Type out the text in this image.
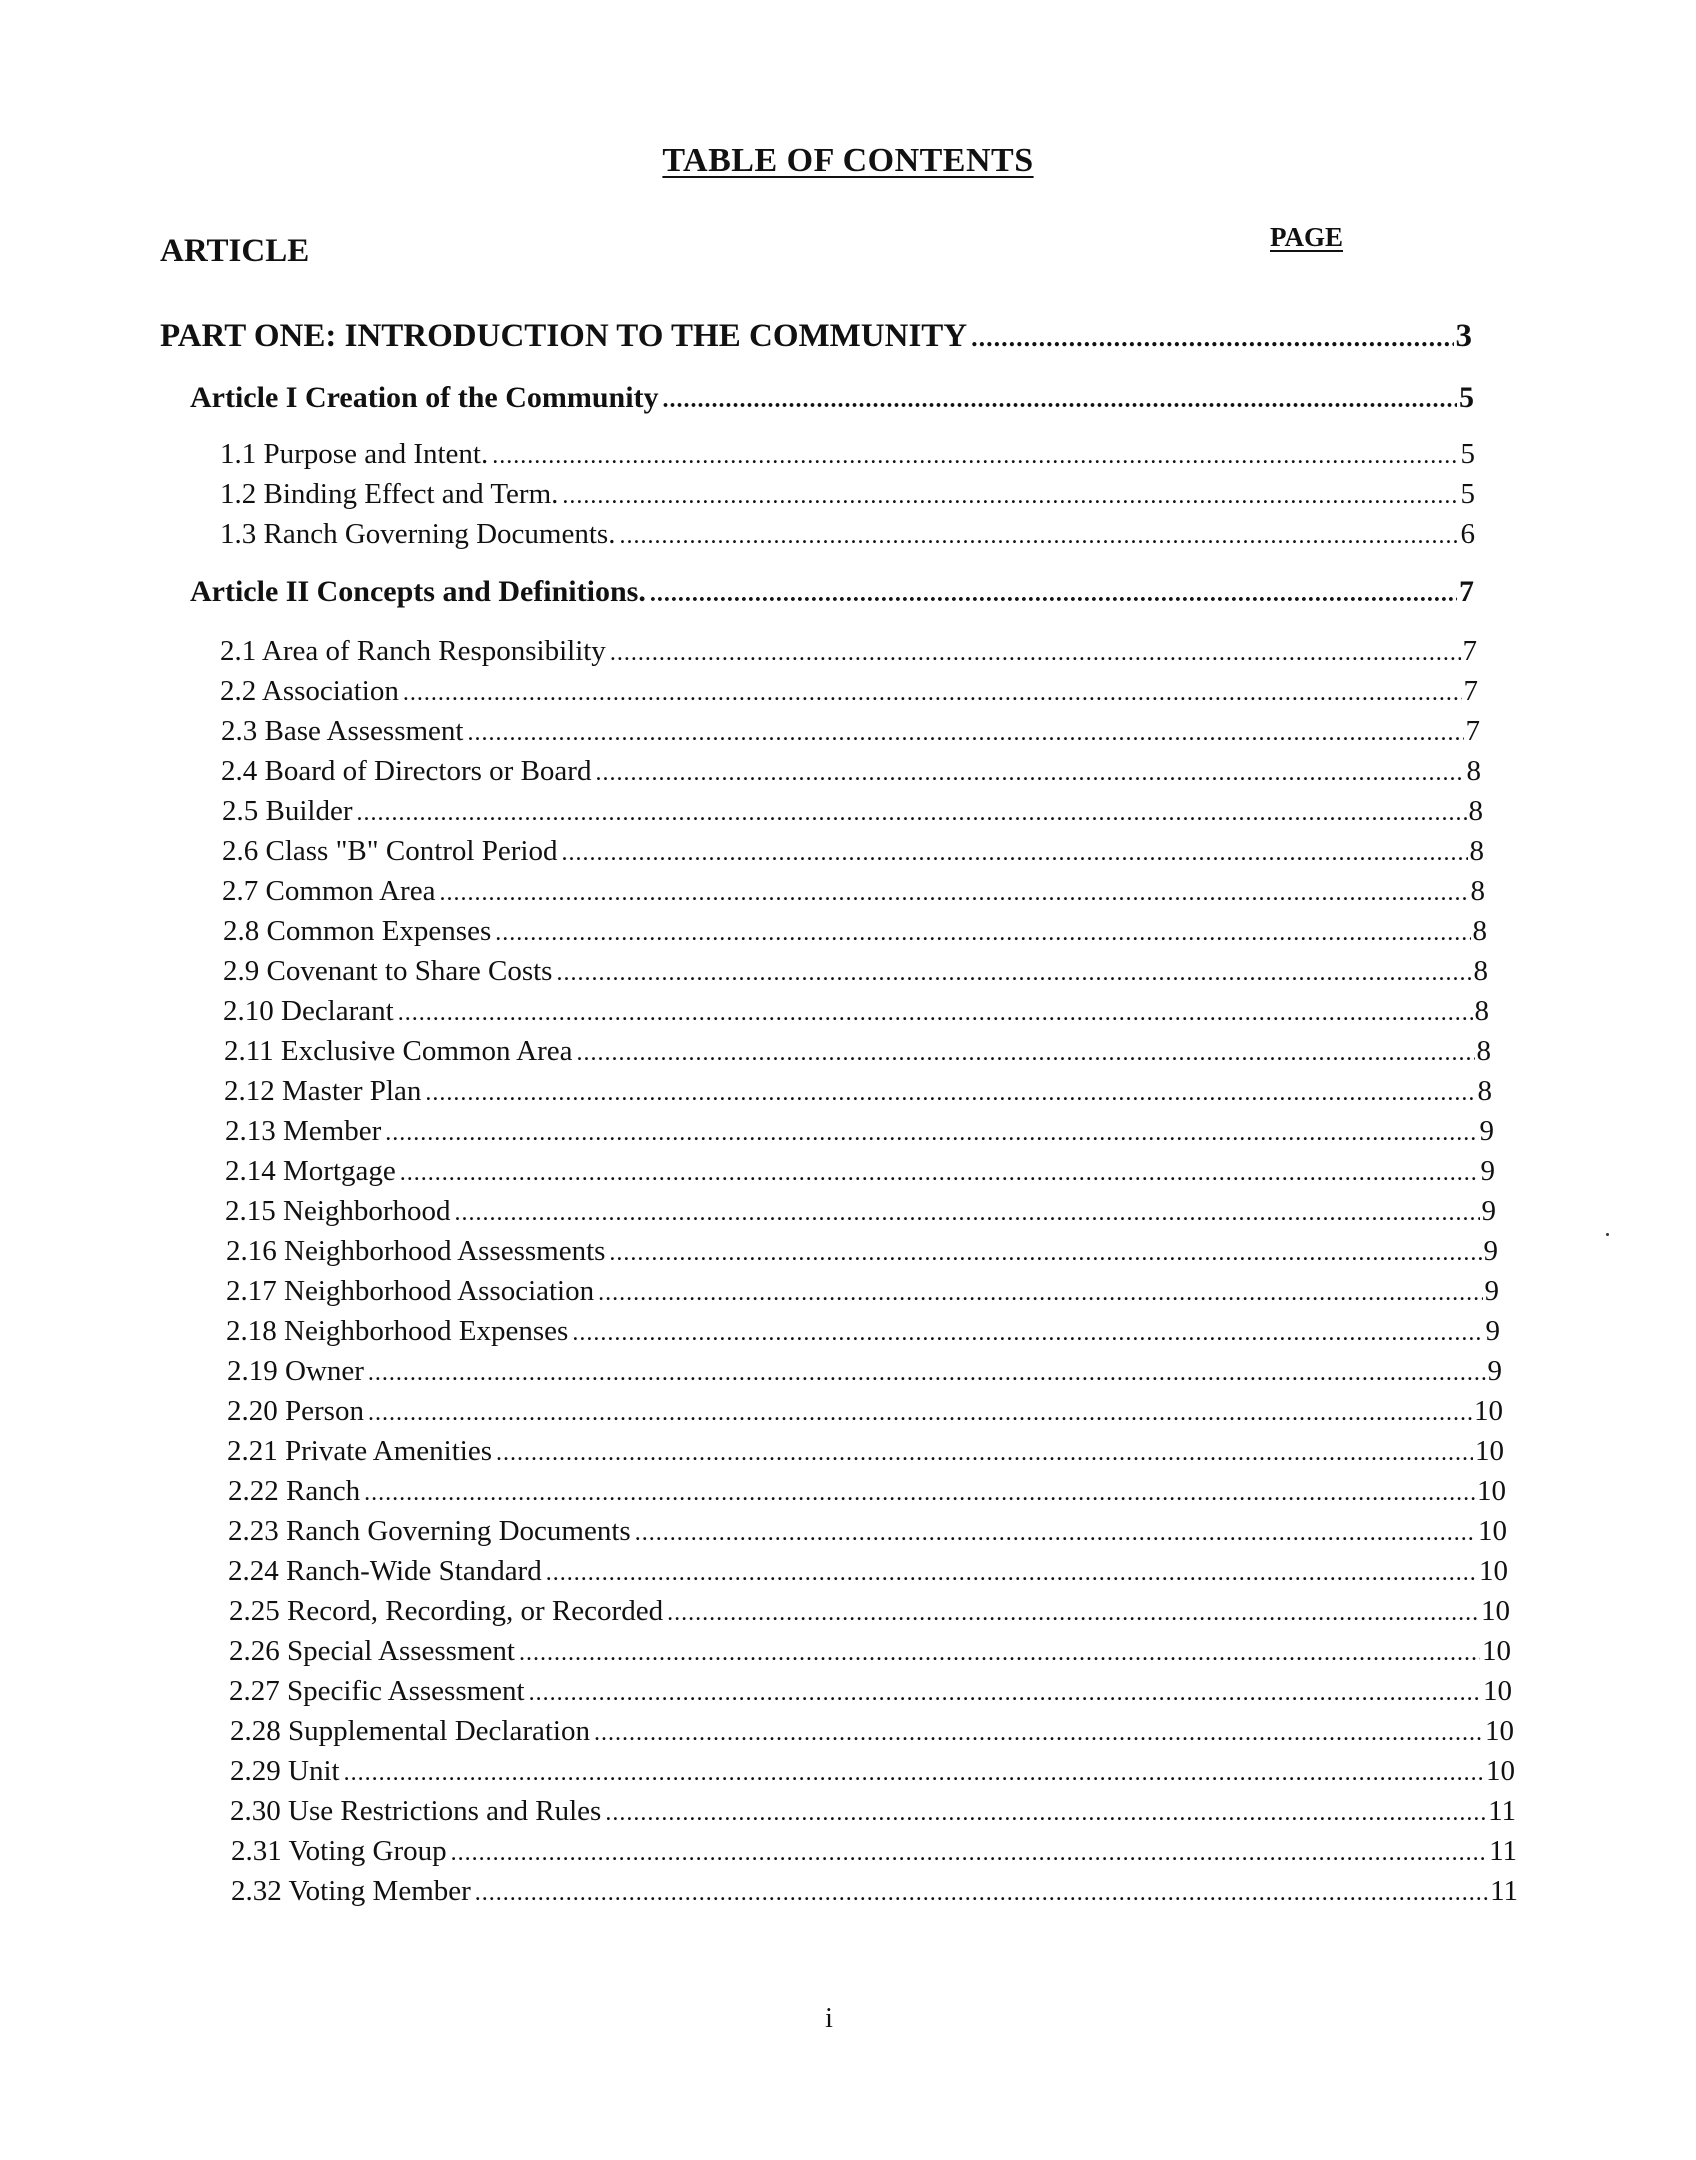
TABLE OF CONTENTS
ARTICLE	PAGE
PART ONE: INTRODUCTION TO THE COMMUNITY .....	3
Article I Creation of the Community .....	5
1.1 Purpose and Intent. .....	5
1.2 Binding Effect and Term. .....	5
1.3 Ranch Governing Documents. .....	6
Article II Concepts and Definitions. .....	7
2.1 Area of Ranch Responsibility .....	7
2.2 Association .....	7
2.3 Base Assessment .....	7
2.4 Board of Directors or Board .....	8
2.5 Builder .....	8
2.6 Class "B" Control Period .....	8
2.7 Common Area .....	8
2.8 Common Expenses .....	8
2.9 Covenant to Share Costs .....	8
2.10 Declarant .....	8
2.11 Exclusive Common Area .....	8
2.12 Master Plan .....	8
2.13 Member .....	9
2.14 Mortgage .....	9
2.15 Neighborhood .....	9
2.16 Neighborhood Assessments .....	9
2.17 Neighborhood Association .....	9
2.18 Neighborhood Expenses .....	9
2.19 Owner .....	9
2.20 Person .....	10
2.21 Private Amenities .....	10
2.22 Ranch .....	10
2.23 Ranch Governing Documents .....	10
2.24 Ranch-Wide Standard .....	10
2.25 Record, Recording, or Recorded .....	10
2.26 Special Assessment .....	10
2.27 Specific Assessment .....	10
2.28 Supplemental Declaration .....	10
2.29 Unit .....	10
2.30 Use Restrictions and Rules .....	11
2.31 Voting Group .....	11
2.32 Voting Member .....	11
i
